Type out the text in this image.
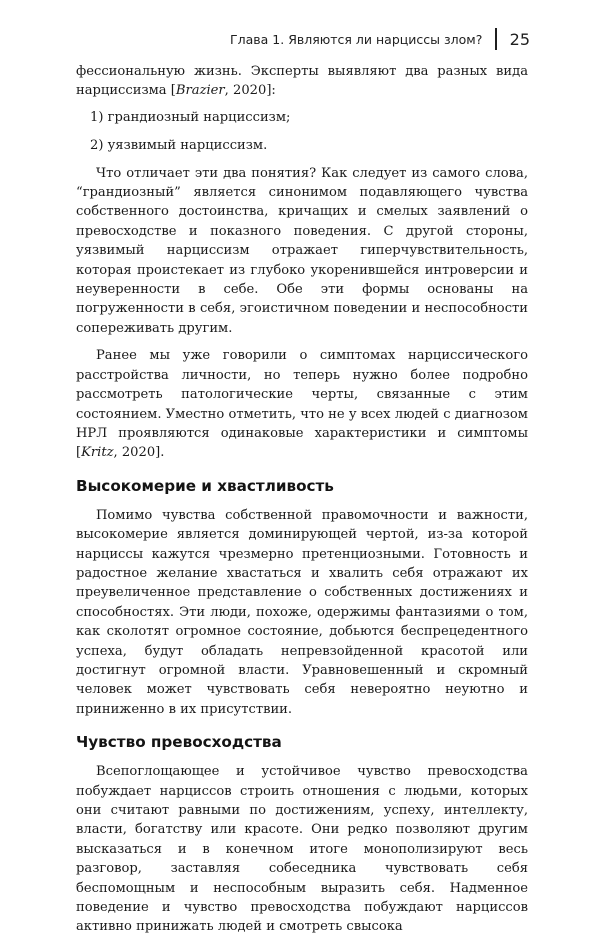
Глава 1. Являются ли нарциссы злом? 25

фессиональную жизнь. Эксперты выявляют два разных вида нарциссизма [Brazier, 2020]:

1) грандиозный нарциссизм;
2) уязвимый нарциссизм.

Что отличает эти два понятия? Как следует из самого слова, “грандиозный” является синонимом подавляющего чувства собственного достоинства, кричащих и смелых заявлений о превосходстве и показного поведения. С другой стороны, уязвимый нарциссизм отражает гиперчувствительность, которая проистекает из глубоко укоренившейся интроверсии и неуверенности в себе. Обе эти формы основаны на погруженности в себя, эгоистичном поведении и неспособности сопереживать другим.

Ранее мы уже говорили о симптомах нарциссического расстройства личности, но теперь нужно более подробно рассмотреть патологические черты, связанные с этим состоянием. Уместно отметить, что не у всех людей с диагнозом НРЛ проявляются одинаковые характеристики и симптомы [Kritz, 2020].

Высокомерие и хвастливость

Помимо чувства собственной правомочности и важности, высокомерие является доминирующей чертой, из-за которой нарциссы кажутся чрезмерно претенциозными. Готовность и радостное желание хвастаться и хвалить себя отражают их преувеличенное представление о собственных достижениях и способностях. Эти люди, похоже, одержимы фантазиями о том, как сколотят огромное состояние, добьются беспрецедентного успеха, будут обладать непревзойденной красотой или достигнут огромной власти. Уравновешенный и скромный человек может чувствовать себя невероятно неуютно и приниженно в их присутствии.

Чувство превосходства

Всепоглощающее и устойчивое чувство превосходства побуждает нарциссов строить отношения с людьми, которых они считают равными по достижениям, успеху, интеллекту, власти, богатству или красоте. Они редко позволяют другим высказаться и в конечном итоге монополизируют весь разговор, заставляя собеседника чувствовать себя беспомощным и неспособным выразить себя. Надменное поведение и чувство превосходства побуждают нарциссов активно принижать людей и смотреть свысока
